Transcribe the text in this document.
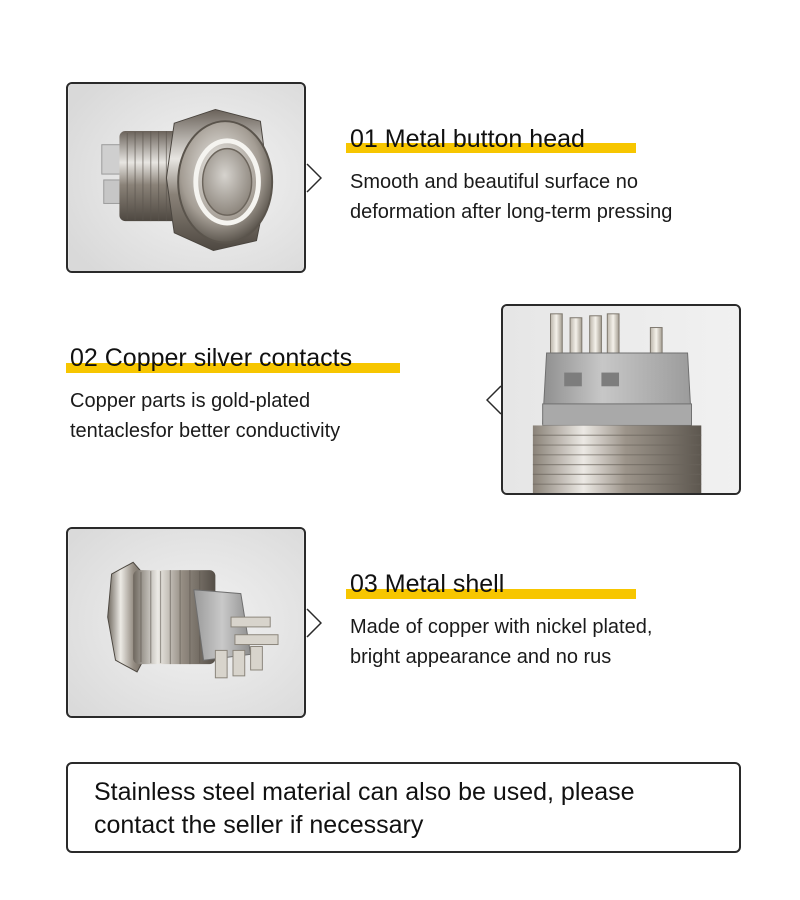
01 Metal button head
Smooth and beautiful surface no
deformation after long-term pressing
02 Copper silver contacts
Copper parts is gold-plated
tentaclesfor better conductivity
03 Metal shell
Made of copper with nickel plated,
bright appearance and no rus
Stainless steel material can also be used, please
contact the seller if necessary
